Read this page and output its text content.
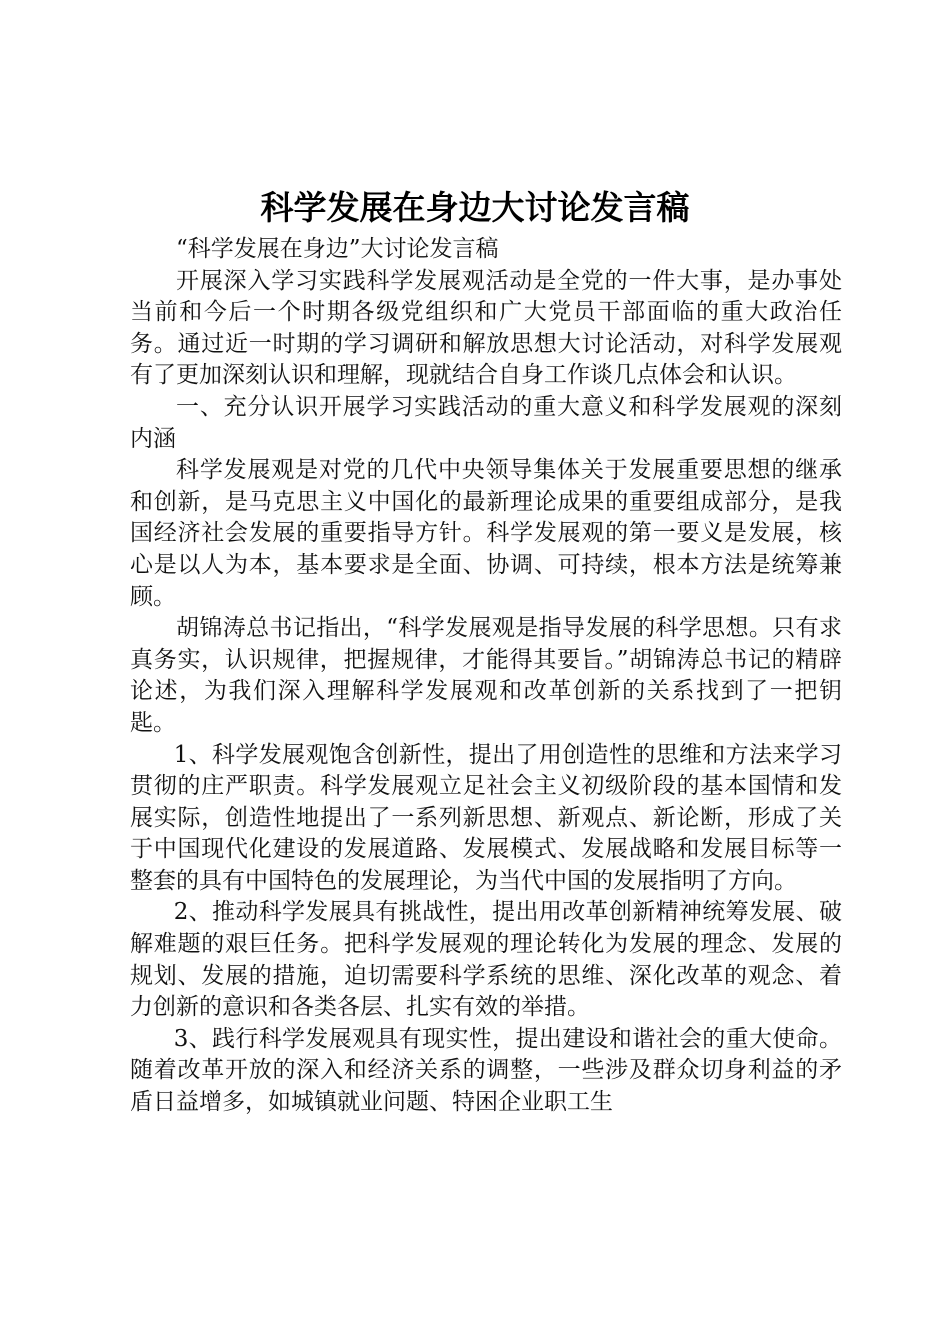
科学发展在身边大讨论发言稿

“科学发展在身边”大讨论发言稿

开展深入学习实践科学发展观活动是全党的一件大事，是办事处当前和今后一个时期各级党组织和广大党员干部面临的重大政治任务。通过近一时期的学习调研和解放思想大讨论活动，对科学发展观有了更加深刻认识和理解，现就结合自身工作谈几点体会和认识。

一、充分认识开展学习实践活动的重大意义和科学发展观的深刻内涵

科学发展观是对党的几代中央领导集体关于发展重要思想的继承和创新，是马克思主义中国化的最新理论成果的重要组成部分，是我国经济社会发展的重要指导方针。科学发展观的第一要义是发展，核心是以人为本，基本要求是全面、协调、可持续，根本方法是统筹兼顾。

胡锦涛总书记指出，“科学发展观是指导发展的科学思想。只有求真务实，认识规律，把握规律，才能得其要旨。”胡锦涛总书记的精辟论述，为我们深入理解科学发展观和改革创新的关系找到了一把钥匙。

1、科学发展观饱含创新性，提出了用创造性的思维和方法来学习贯彻的庄严职责。科学发展观立足社会主义初级阶段的基本国情和发展实际，创造性地提出了一系列新思想、新观点、新论断，形成了关于中国现代化建设的发展道路、发展模式、发展战略和发展目标等一整套的具有中国特色的发展理论，为当代中国的发展指明了方向。

2、推动科学发展具有挑战性，提出用改革创新精神统筹发展、破解难题的艰巨任务。把科学发展观的理论转化为发展的理念、发展的规划、发展的措施，迫切需要科学系统的思维、深化改革的观念、着力创新的意识和各类各层、扎实有效的举措。

3、践行科学发展观具有现实性，提出建设和谐社会的重大使命。随着改革开放的深入和经济关系的调整，一些涉及群众切身利益的矛盾日益增多，如城镇就业问题、特困企业职工生
